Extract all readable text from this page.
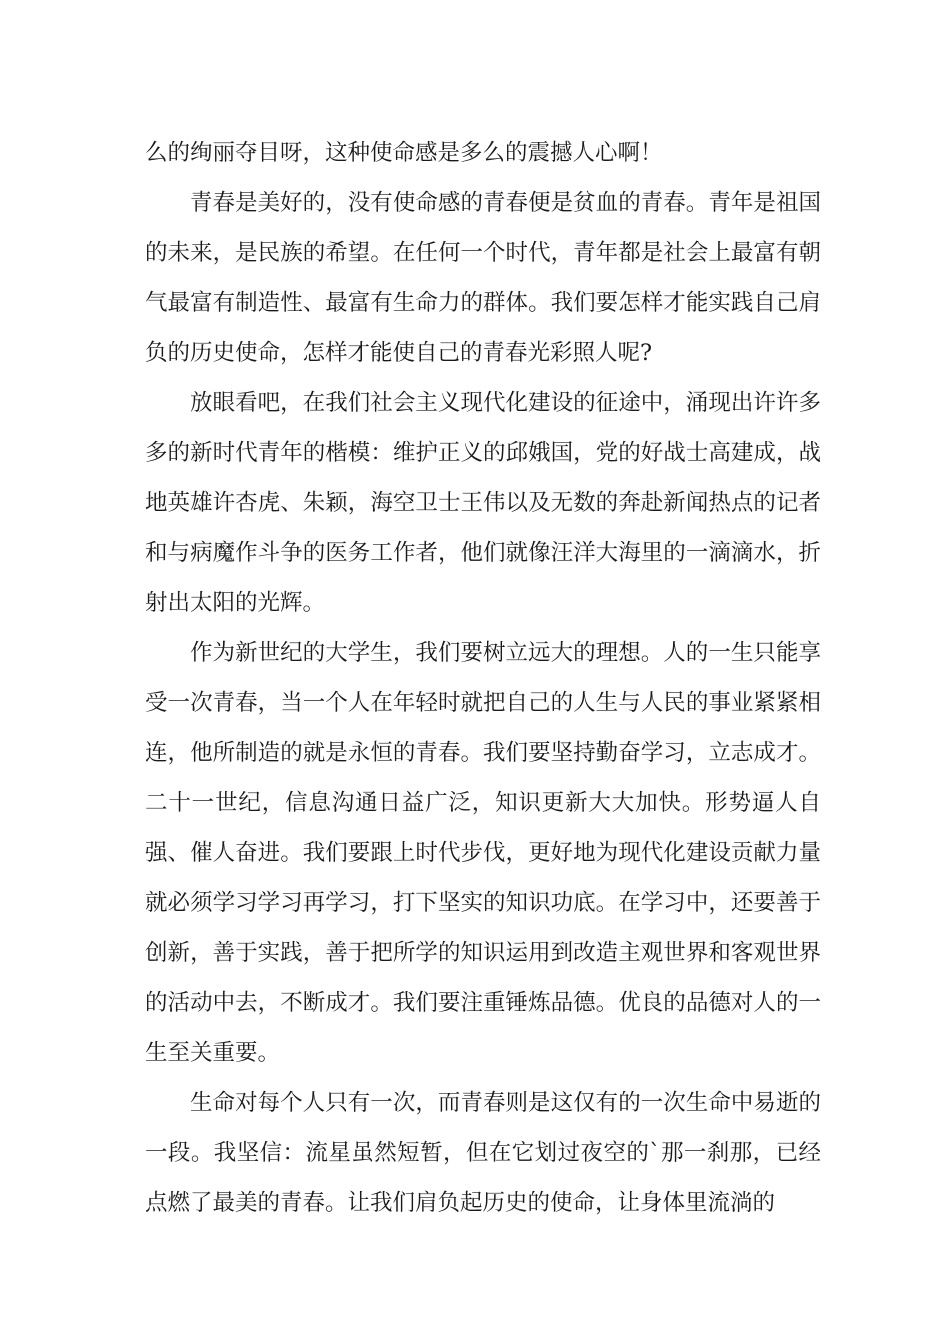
么的绚丽夺目呀，这种使命感是多么的震撼人心啊！

青春是美好的，没有使命感的青春便是贫血的青春。青年是祖国的未来，是民族的希望。在任何一个时代，青年都是社会上最富有朝气最富有制造性、最富有生命力的群体。我们要怎样才能实践自己肩负的历史使命，怎样才能使自己的青春光彩照人呢?

放眼看吧，在我们社会主义现代化建设的征途中，涌现出许许多多的新时代青年的楷模：维护正义的邱娥国，党的好战士高建成，战地英雄许杏虎、朱颖，海空卫士王伟以及无数的奔赴新闻热点的记者和与病魔作斗争的医务工作者，他们就像汪洋大海里的一滴滴水，折射出太阳的光辉。

作为新世纪的大学生，我们要树立远大的理想。人的一生只能享受一次青春，当一个人在年轻时就把自己的人生与人民的事业紧紧相连，他所制造的就是永恒的青春。我们要坚持勤奋学习，立志成才。二十一世纪，信息沟通日益广泛，知识更新大大加快。形势逼人自强、催人奋进。我们要跟上时代步伐，更好地为现代化建设贡献力量就必须学习学习再学习，打下坚实的知识功底。在学习中，还要善于创新，善于实践，善于把所学的知识运用到改造主观世界和客观世界的活动中去，不断成才。我们要注重锤炼品德。优良的品德对人的一生至关重要。

生命对每个人只有一次，而青春则是这仅有的一次生命中易逝的一段。我坚信：流星虽然短暂，但在它划过夜空的`那一刹那，已经点燃了最美的青春。让我们肩负起历史的使命，让身体里流淌的
